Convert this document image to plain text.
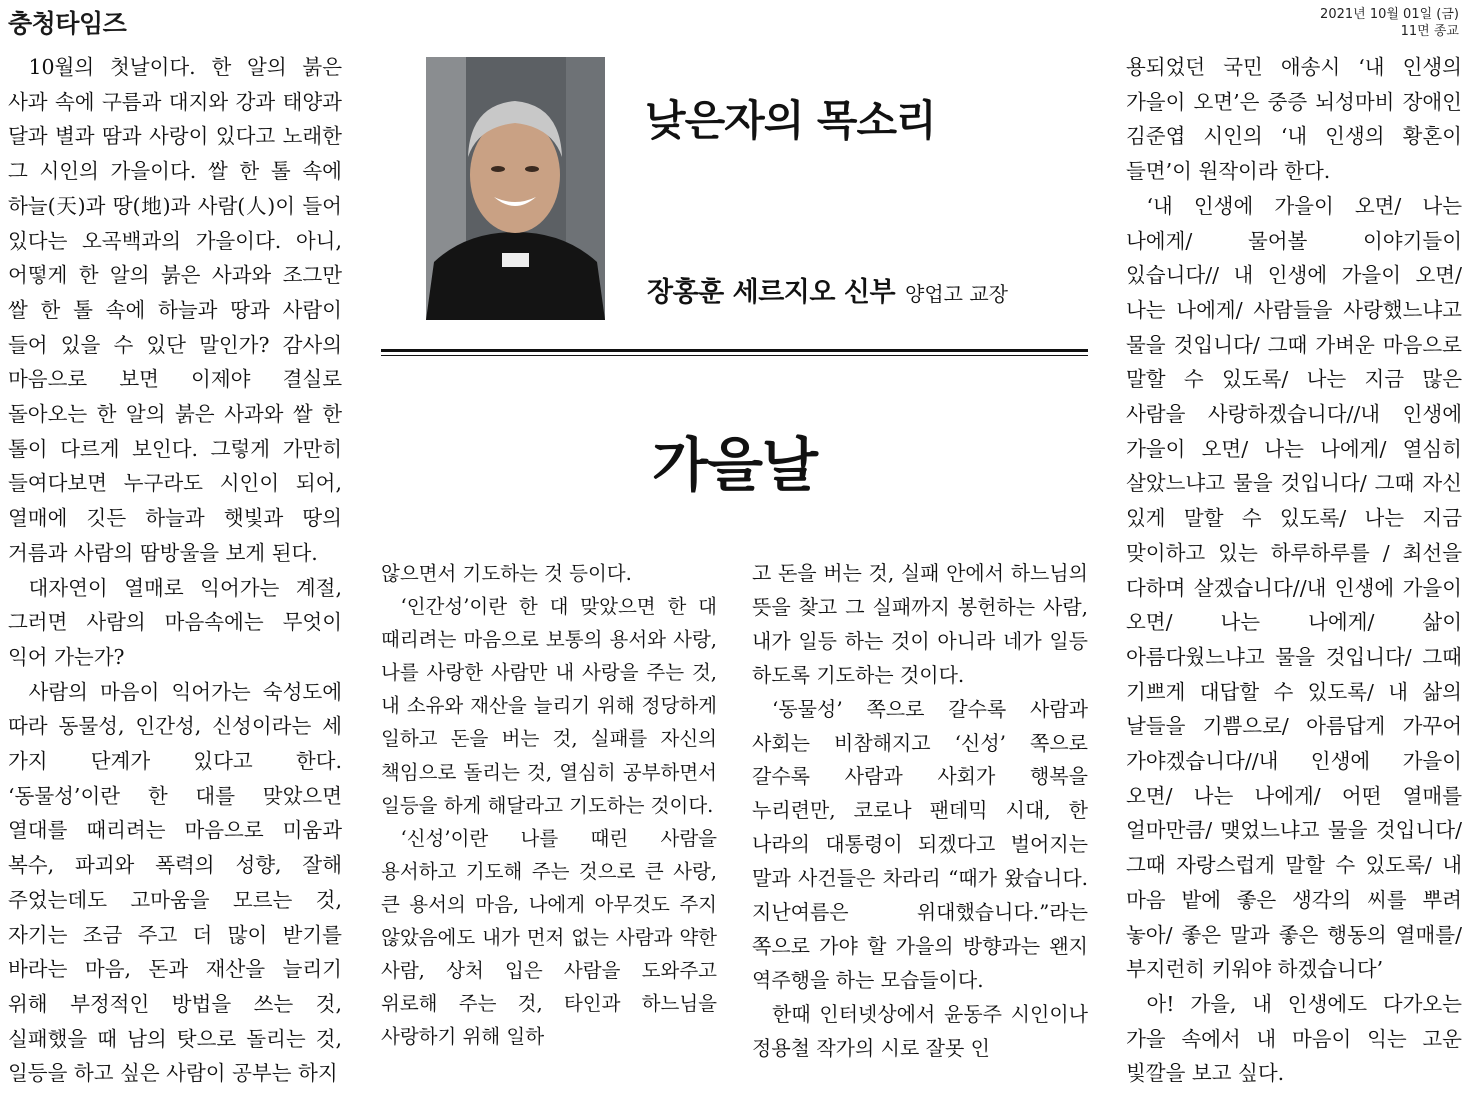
충청타임즈	2021년 10월 01일 (금)
11면 종교
낮은자의 목소리
장홍훈 세르지오 신부 양업고 교장
가을날

10월의 첫날이다. 한 알의 붉은 사과 속에 구름과 대지와 강과 태양과 달과 별과 땀과 사랑이 있다고 노래한 그 시인의 가을이다. 쌀 한 톨 속에 하늘(天)과 땅(地)과 사람(人)이 들어 있다는 오곡백과의 가을이다. 아니, 어떻게 한 알의 붉은 사과와 조그만 쌀 한 톨 속에 하늘과 땅과 사람이 들어 있을 수 있단 말인가? 감사의 마음으로 보면 이제야 결실로 돌아오는 한 알의 붉은 사과와 쌀 한 톨이 다르게 보인다. 그렇게 가만히 들여다보면 누구라도 시인이 되어, 열매에 깃든 하늘과 햇빛과 땅의 거름과 사람의 땀방울을 보게 된다.

대자연이 열매로 익어가는 계절, 그러면 사람의 마음속에는 무엇이 익어 가는가?

사람의 마음이 익어가는 숙성도에 따라 동물성, 인간성, 신성이라는 세 가지 단계가 있다고 한다. ‘동물성’이란 한 대를 맞았으면 열대를 때리려는 마음으로 미움과 복수, 파괴와 폭력의 성향, 잘해 주었는데도 고마움을 모르는 것, 자기는 조금 주고 더 많이 받기를 바라는 마음, 돈과 재산을 늘리기 위해 부정적인 방법을 쓰는 것, 실패했을 때 남의 탓으로 돌리는 것, 일등을 하고 싶은 사람이 공부는 하지

않으면서 기도하는 것 등이다.

‘인간성’이란 한 대 맞았으면 한 대 때리려는 마음으로 보통의 용서와 사랑, 나를 사랑한 사람만 내 사랑을 주는 것, 내 소유와 재산을 늘리기 위해 정당하게 일하고 돈을 버는 것, 실패를 자신의 책임으로 돌리는 것, 열심히 공부하면서 일등을 하게 해달라고 기도하는 것이다.

‘신성’이란 나를 때린 사람을 용서하고 기도해 주는 것으로 큰 사랑, 큰 용서의 마음, 나에게 아무것도 주지 않았음에도 내가 먼저 없는 사람과 약한 사람, 상처 입은 사람을 도와주고 위로해 주는 것, 타인과 하느님을 사랑하기 위해 일하

고 돈을 버는 것, 실패 안에서 하느님의 뜻을 찾고 그 실패까지 봉헌하는 사람, 내가 일등 하는 것이 아니라 네가 일등 하도록 기도하는 것이다.

‘동물성’ 쪽으로 갈수록 사람과 사회는 비참해지고 ‘신성’ 쪽으로 갈수록 사람과 사회가 행복을 누리련만, 코로나 팬데믹 시대, 한 나라의 대통령이 되겠다고 벌어지는 말과 사건들은 차라리 “때가 왔습니다. 지난여름은 위대했습니다.”라는 쪽으로 가야 할 가을의 방향과는 왠지 역주행을 하는 모습들이다.

한때 인터넷상에서 윤동주 시인이나 정용철 작가의 시로 잘못 인

용되었던 국민 애송시 ‘내 인생의 가을이 오면’은 중증 뇌성마비 장애인 김준엽 시인의 ‘내 인생의 황혼이 들면’이 원작이라 한다.

‘내 인생에 가을이 오면/ 나는 나에게/ 물어볼 이야기들이 있습니다// 내 인생에 가을이 오면/ 나는 나에게/ 사람들을 사랑했느냐고 물을 것입니다/ 그때 가벼운 마음으로 말할 수 있도록/ 나는 지금 많은 사람을 사랑하겠습니다//내 인생에 가을이 오면/ 나는 나에게/ 열심히 살았느냐고 물을 것입니다/ 그때 자신 있게 말할 수 있도록/ 나는 지금 맞이하고 있는 하루하루를 / 최선을 다하며 살겠습니다//내 인생에 가을이 오면/ 나는 나에게/ 삶이 아름다웠느냐고 물을 것입니다/ 그때 기쁘게 대답할 수 있도록/ 내 삶의 날들을 기쁨으로/ 아름답게 가꾸어 가야겠습니다//내 인생에 가을이 오면/ 나는 나에게/ 어떤 열매를 얼마만큼/ 맺었느냐고 물을 것입니다/ 그때 자랑스럽게 말할 수 있도록/ 내 마음 밭에 좋은 생각의 씨를 뿌려 놓아/ 좋은 말과 좋은 행동의 열매를/ 부지런히 키워야 하겠습니다’

아! 가을, 내 인생에도 다가오는 가을 속에서 내 마음이 익는 고운 빛깔을 보고 싶다.
